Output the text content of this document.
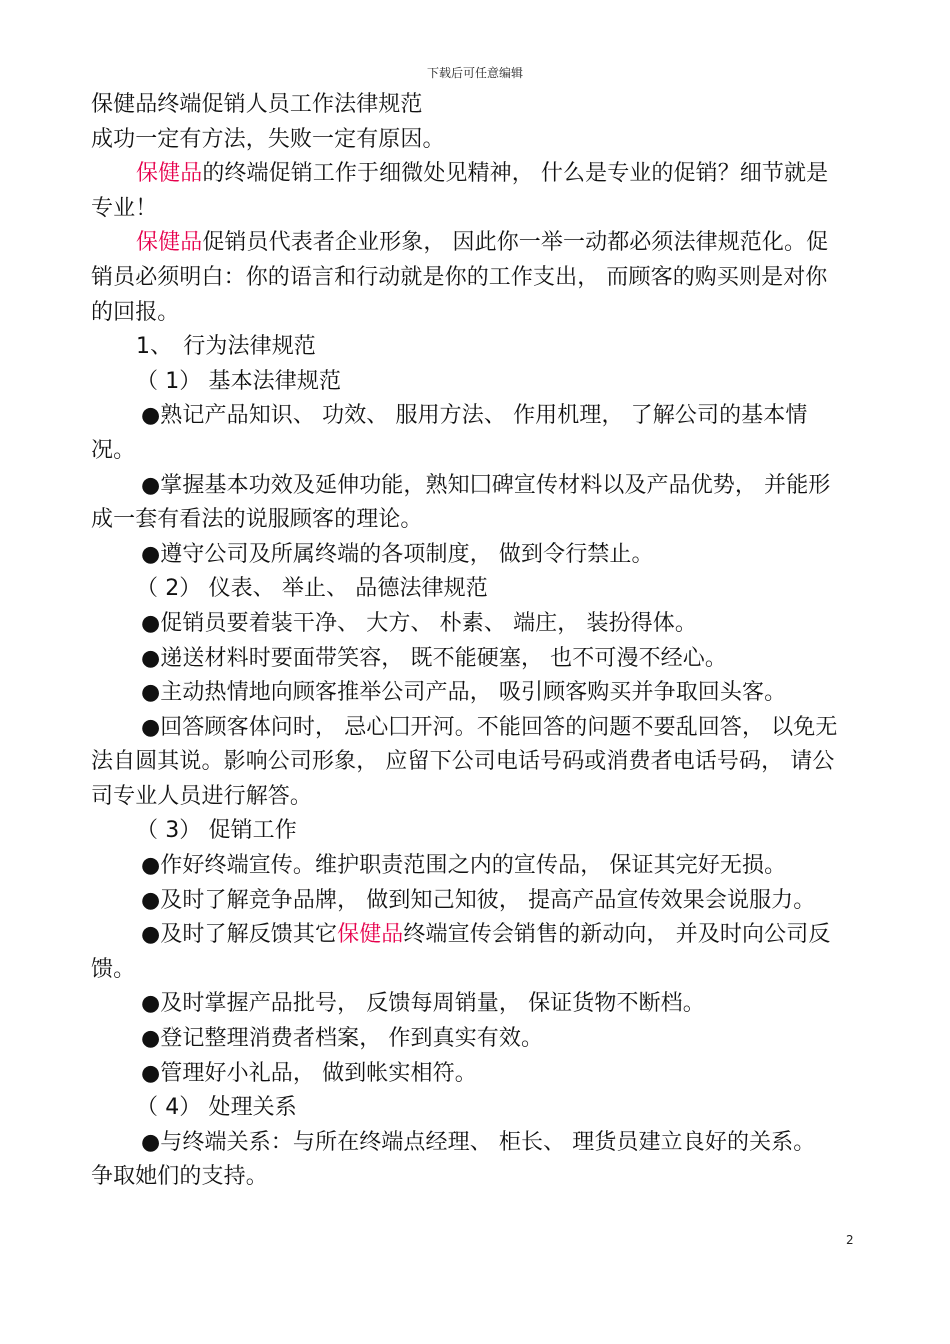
下载后可任意编辑
保健品终端促销人员工作法律规范
成功一定有方法，失败一定有原因。
保健品的终端促销工作于细微处见精神， 什么是专业的促销？细节就是
专业！
保健品促销员代表者企业形象， 因此你一举一动都必须法律规范化。促
销员必须明白：你的语言和行动就是你的工作支出， 而顾客的购买则是对你
的回报。
1、　行为法律规范
（ 1） 基本法律规范
●熟记产品知识、 功效、 服用方法、 作用机理， 了解公司的基本情
况。
●掌握基本功效及延伸功能，熟知囗碑宣传材料以及产品优势， 并能形
成一套有看法的说服顾客的理论。
●遵守公司及所属终端的各项制度， 做到令行禁止。
（ 2） 仪表、 举止、 品德法律规范
●促销员要着装干净、 大方、 朴素、 端庄， 装扮得体。
●递送材料时要面带笑容， 既不能硬塞， 也不可漫不经心。
●主动热情地向顾客推举公司产品， 吸引顾客购买并争取回头客。
●回答顾客体问时， 忌心囗开河。不能回答的问题不要乱回答， 以免无
法自圆其说。影响公司形象， 应留下公司电话号码或消费者电话号码， 请公
司专业人员进行解答。
（ 3） 促销工作
●作好终端宣传。维护职责范围之内的宣传品， 保证其完好无损。
●及时了解竞争品牌， 做到知己知彼， 提高产品宣传效果会说服力。
●及时了解反馈其它保健品终端宣传会销售的新动向， 并及时向公司反
馈。
●及时掌握产品批号， 反馈每周销量， 保证货物不断档。
●登记整理消费者档案， 作到真实有效。
●管理好小礼品， 做到帐实相符。
（ 4） 处理关系
●与终端关系：与所在终端点经理、 柜长、 理货员建立良好的关系。
争取她们的支持。
2
